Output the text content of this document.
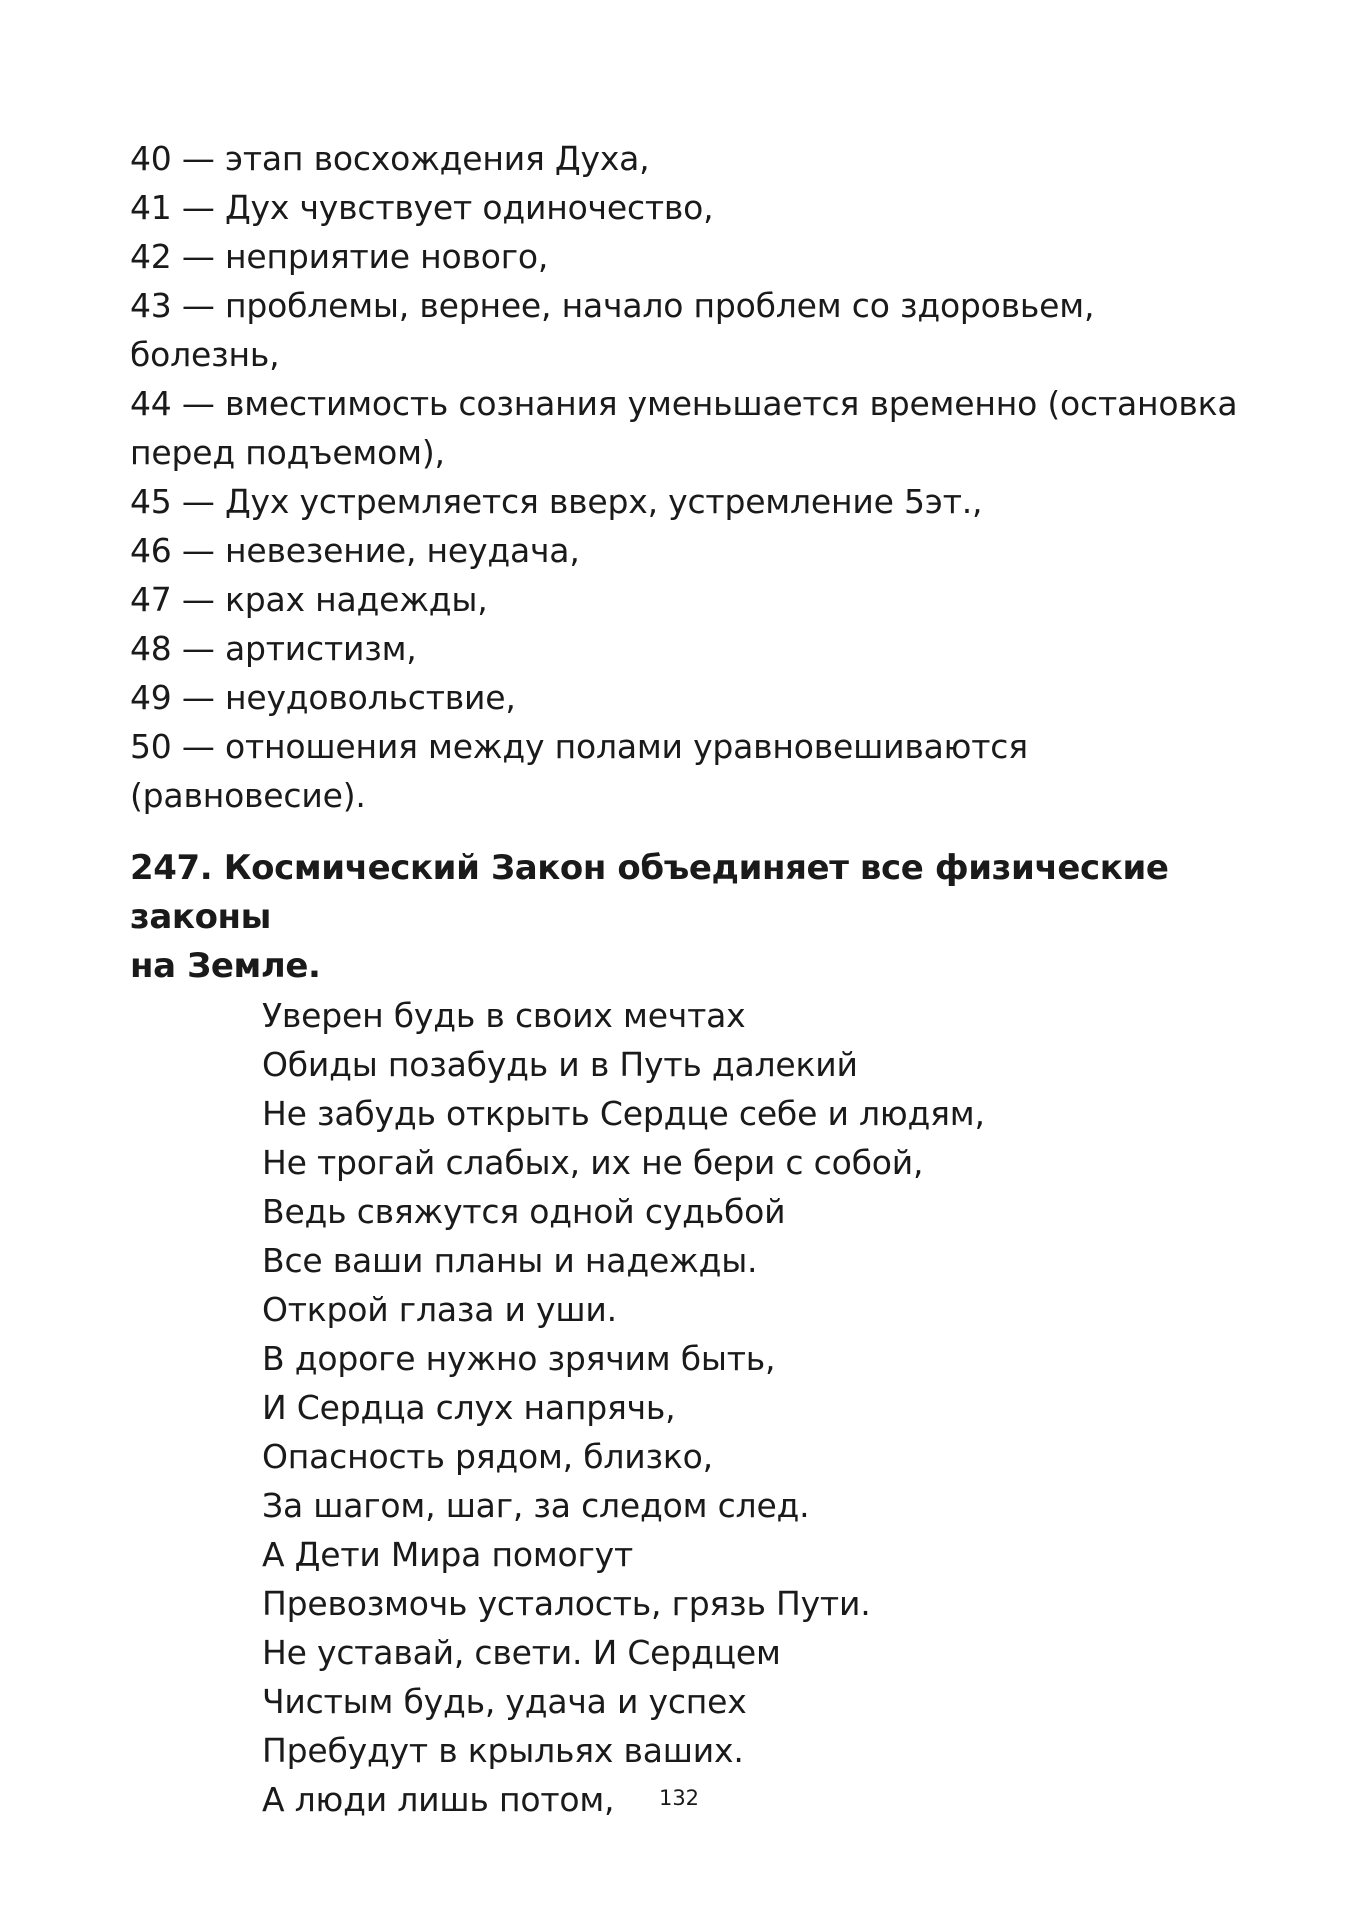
40 — этап восхождения Духа,
41 — Дух чувствует одиночество,
42 — неприятие нового,
43 — проблемы, вернее, начало проблем со здоровьем,
болезнь,
44 — вместимость сознания уменьшается временно (остановка
перед подъемом),
45 — Дух устремляется вверх, устремление 5эт.,
46 — невезение, неудача,
47 — крах надежды,
48 — артистизм,
49 — неудовольствие,
50 — отношения между полами уравновешиваются
(равновесие).
247. Космический Закон объединяет все физические законы
на Земле.
Уверен будь в своих мечтах
Обиды позабудь и в Путь далекий
Не забудь открыть Сердце себе и людям,
Не трогай слабых, их не бери с собой,
Ведь свяжутся одной судьбой
Все ваши планы и надежды.
Открой глаза и уши.
В дороге нужно зрячим быть,
И Сердца слух напрячь,
Опасность рядом, близко,
За шагом, шаг, за следом след.
А Дети Мира помогут
Превозмочь усталость, грязь Пути.
Не уставай, свети. И Сердцем
Чистым будь, удача и успех
Пребудут в крыльях ваших.
А люди лишь потом,	132
